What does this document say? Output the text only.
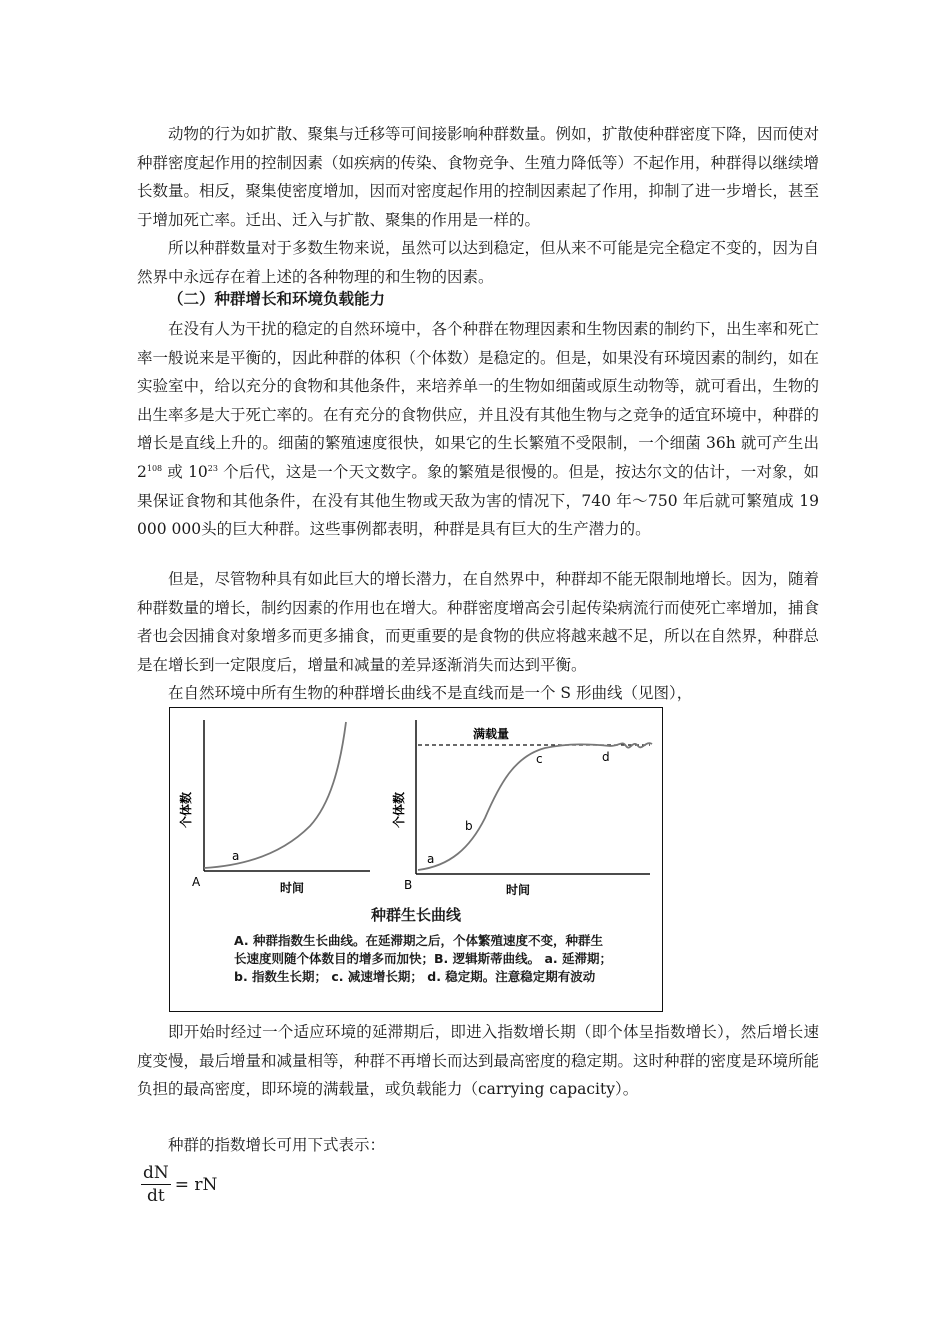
动物的行为如扩散、聚集与迁移等可间接影响种群数量。例如，扩散使种群密度下降，因而使对种群密度起作用的控制因素（如疾病的传染、食物竞争、生殖力降低等）不起作用，种群得以继续增长数量。相反，聚集使密度增加，因而对密度起作用的控制因素起了作用，抑制了进一步增长，甚至于增加死亡率。迁出、迁入与扩散、聚集的作用是一样的。

所以种群数量对于多数生物来说，虽然可以达到稳定，但从来不可能是完全稳定不变的，因为自然界中永远存在着上述的各种物理的和生物的因素。

（二）种群增长和环境负载能力

在没有人为干扰的稳定的自然环境中，各个种群在物理因素和生物因素的制约下，出生率和死亡率一般说来是平衡的，因此种群的体积（个体数）是稳定的。但是，如果没有环境因素的制约，如在实验室中，给以充分的食物和其他条件，来培养单一的生物如细菌或原生动物等，就可看出，生物的出生率多是大于死亡率的。在有充分的食物供应，并且没有其他生物与之竞争的适宜环境中，种群的增长是直线上升的。细菌的繁殖速度很快，如果它的生长繁殖不受限制，一个细菌 36h 就可产生出 $2^{108}$ 或 $10^{23}$ 个后代，这是一个天文数字。象的繁殖是很慢的。但是，按达尔文的估计，一对象，如果保证食物和其他条件，在没有其他生物或天敌为害的情况下，740 年～750 年后就可繁殖成 19 000 000头的巨大种群。这些事例都表明，种群是具有巨大的生产潜力的。

但是，尽管物种具有如此巨大的增长潜力，在自然界中，种群却不能无限制地增长。因为，随着种群数量的增长，制约因素的作用也在增大。种群密度增高会引起传染病流行而使死亡率增加，捕食者也会因捕食对象增多而更多捕食，而更重要的是食物的供应将越来越不足，所以在自然界，种群总是在增长到一定限度后，增量和减量的差异逐渐消失而达到平衡。

在自然环境中所有生物的种群增长曲线不是直线而是一个 S 形曲线（见图），

A
a
时间
个体数
B
a
b
c	d
满载量
时间
个体数
种群生长曲线

A. 种群指数生长曲线。在延滞期之后，个体繁殖速度不变，种群生长速度则随个体数目的增多而加快；B. 逻辑斯蒂曲线。 a. 延滞期； b. 指数生长期； c. 减速增长期； d. 稳定期。注意稳定期有波动

即开始时经过一个适应环境的延滞期后，即进入指数增长期（即个体呈指数增长），然后增长速度变慢，最后增量和减量相等，种群不再增长而达到最高密度的稳定期。这时种群的密度是环境所能负担的最高密度，即环境的满载量，或负载能力（carrying capacity）。

种群的指数增长可用下式表示：

$\frac{dN}{dt}$ = rN
